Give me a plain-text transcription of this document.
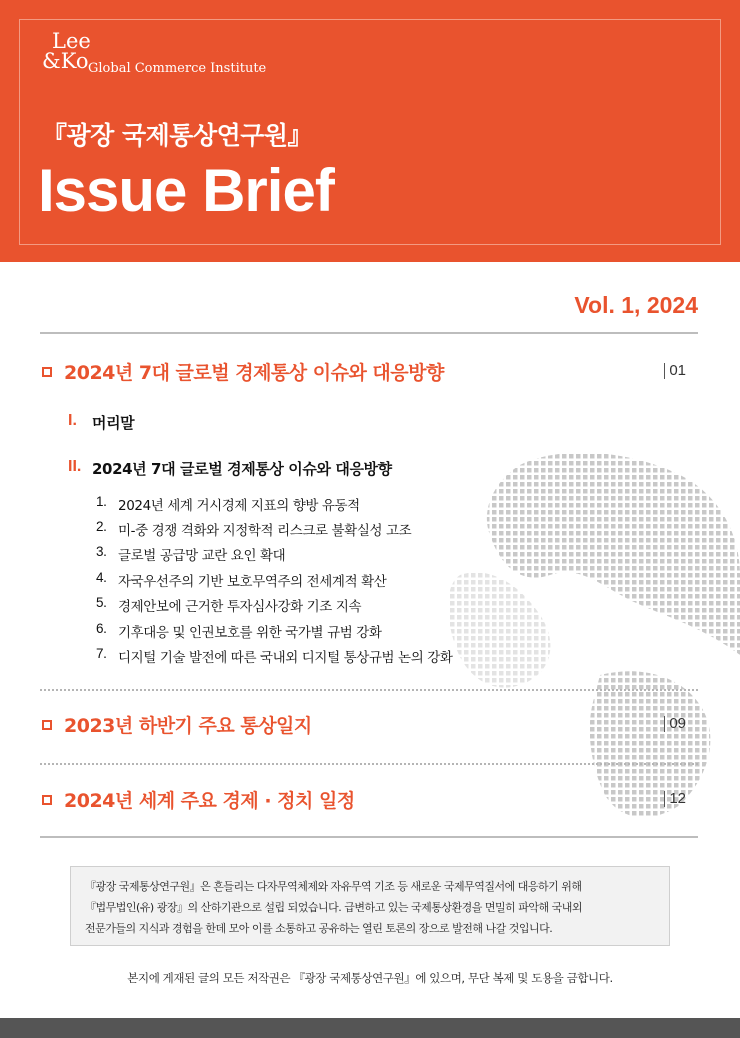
Lee
&Ko Global Commerce Institute
『광장 국제통상연구원』
Issue Brief
Vol. 1, 2024
2024년 7대 글로벌 경제통상 이슈와 대응방향	01
I. 머리말
II. 2024년 7대 글로벌 경제통상 이슈와 대응방향
1. 2024년 세계 거시경제 지표의 향방 유동적
2. 미-중 경쟁 격화와 지정학적 리스크로 불확실성 고조
3. 글로벌 공급망 교란 요인 확대
4. 자국우선주의 기반 보호무역주의 전세계적 확산
5. 경제안보에 근거한 투자심사강화 기조 지속
6. 기후대응 및 인권보호를 위한 국가별 규범 강화
7. 디지털 기술 발전에 따른 국내외 디지털 통상규범 논의 강화
2023년 하반기 주요 통상일지	09
2024년 세계 주요 경제 · 정치 일정	12

『광장 국제통상연구원』은 흔들리는 다자무역체제와 자유무역 기조 등 새로운 국제무역질서에 대응하기 위해

『법무법인(유) 광장』의 산하기관으로 설립 되었습니다. 급변하고 있는 국제통상환경을 면밀히 파악해 국내외

전문가들의 지식과 경험을 한데 모아 이를 소통하고 공유하는 열린 토론의 장으로 발전해 나갈 것입니다.

본지에 게재된 글의 모든 저작권은 『광장 국제통상연구원』에 있으며, 무단 복제 및 도용을 금합니다.
